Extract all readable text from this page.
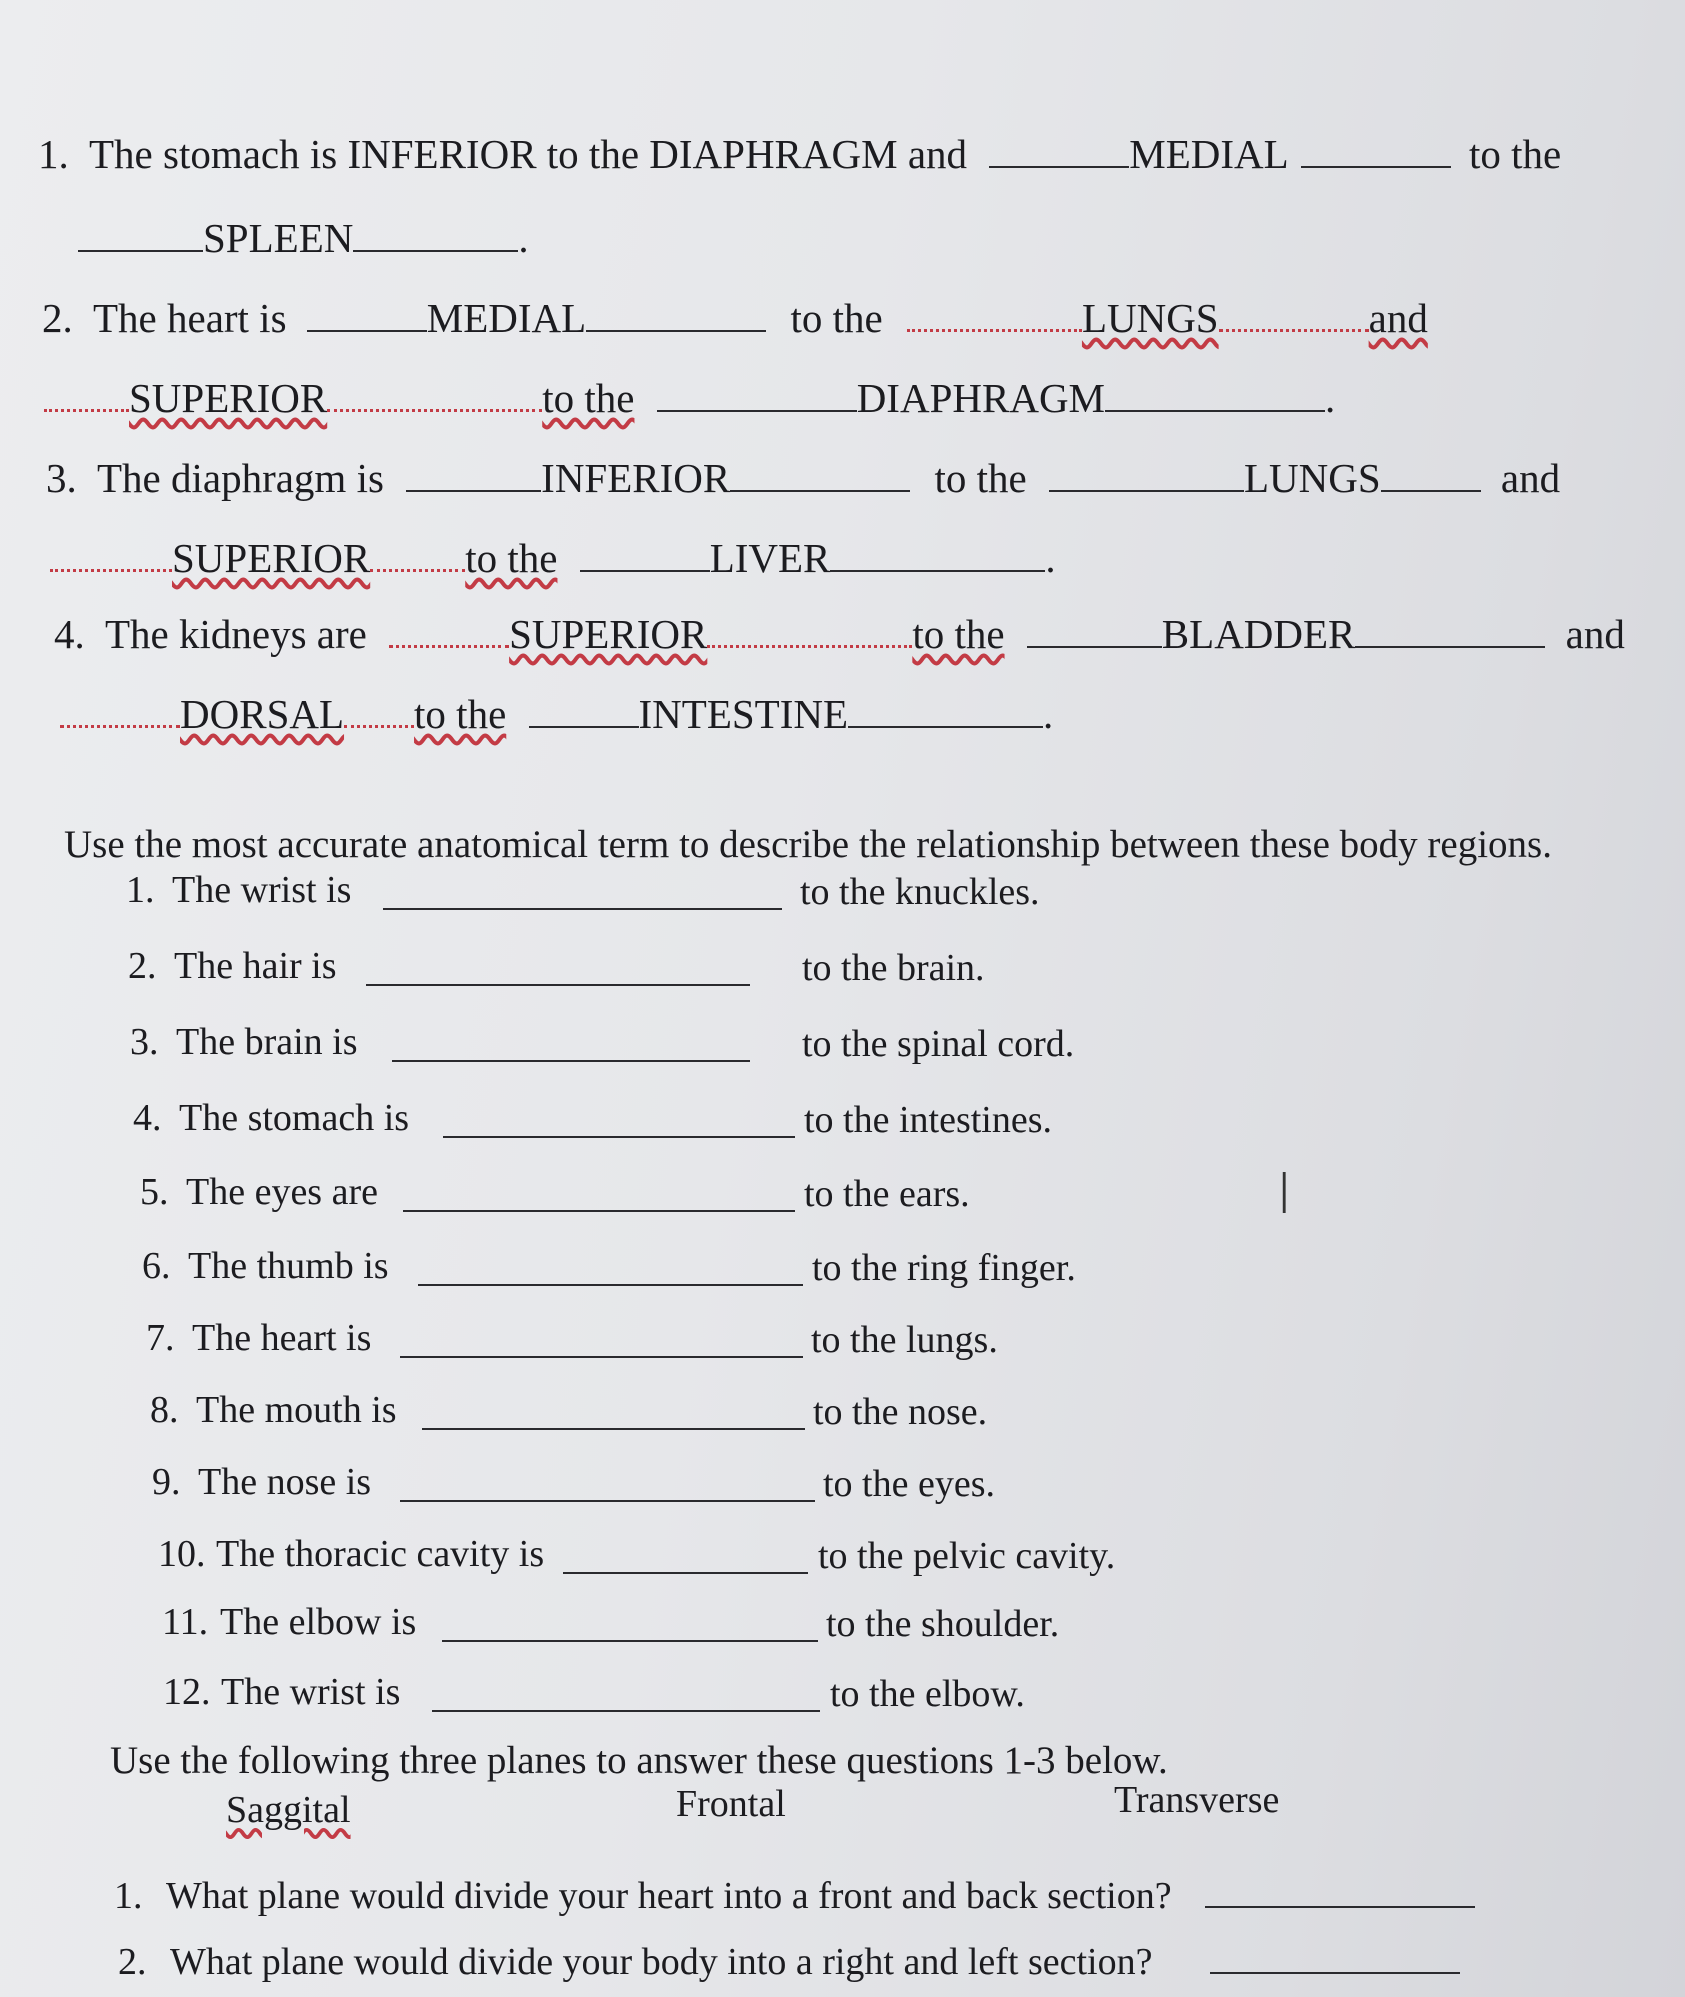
1. The stomach is INFERIOR to the DIAPHRAGM and	MEDIAL	to the
SPLEEN	.
2. The heart is	MEDIAL	to the	LUNGS	and
SUPERIOR	to the	DIAPHRAGM	.
3. The diaphragm is	INFERIOR	to the	LUNGS	and
SUPERIOR to the	LIVER	.
4. The kidneys are	SUPERIOR	to the	BLADDER	and
DORSAL to the	INTESTINE	.
Use the most accurate anatomical term to describe the relationship between these body regions.
1. The wrist is	to the knuckles.
2. The hair is	to the brain.
3. The brain is	to the spinal cord.
4. The stomach is	to the intestines.
5. The eyes are	to the ears.
6. The thumb is	to the ring finger.
7. The heart is	to the lungs.
8. The mouth is	to the nose.
9. The nose is	to the eyes.
10. The thoracic cavity is	to the pelvic cavity.
11. The elbow is	to the shoulder.
12. The wrist is	to the elbow.
I
Use the following three planes to answer these questions 1-3 below.
Saggital	Frontal	Transverse
1. What plane would divide your heart into a front and back section?
2. What plane would divide your body into a right and left section?
